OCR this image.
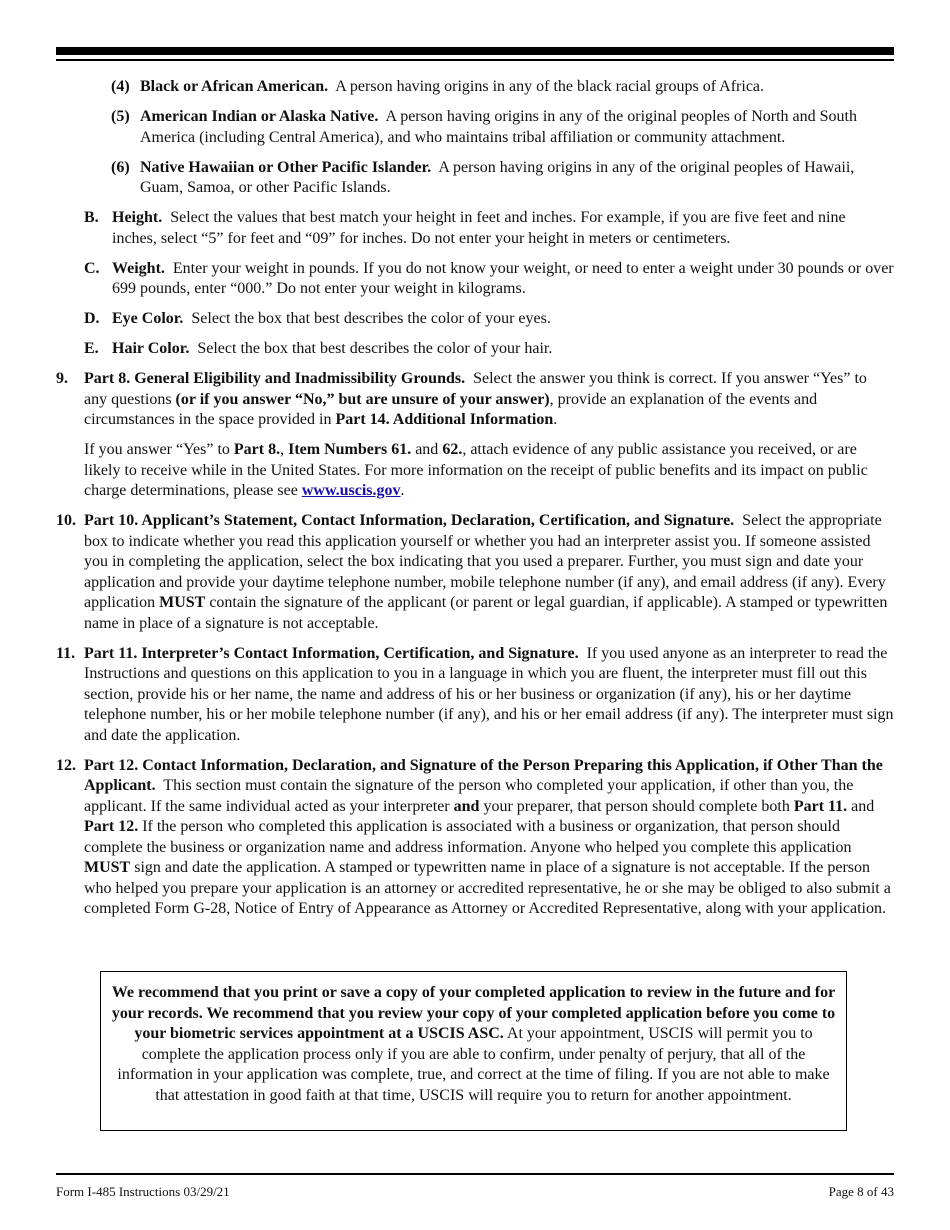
(4) Black or African American. A person having origins in any of the black racial groups of Africa.
(5) American Indian or Alaska Native. A person having origins in any of the original peoples of North and South America (including Central America), and who maintains tribal affiliation or community attachment.
(6) Native Hawaiian or Other Pacific Islander. A person having origins in any of the original peoples of Hawaii, Guam, Samoa, or other Pacific Islands.
B. Height. Select the values that best match your height in feet and inches. For example, if you are five feet and nine inches, select “5” for feet and “09” for inches. Do not enter your height in meters or centimeters.
C. Weight. Enter your weight in pounds. If you do not know your weight, or need to enter a weight under 30 pounds or over 699 pounds, enter “000.” Do not enter your weight in kilograms.
D. Eye Color. Select the box that best describes the color of your eyes.
E. Hair Color. Select the box that best describes the color of your hair.
9. Part 8. General Eligibility and Inadmissibility Grounds. Select the answer you think is correct. If you answer “Yes” to any questions (or if you answer “No,” but are unsure of your answer), provide an explanation of the events and circumstances in the space provided in Part 14. Additional Information.
If you answer “Yes” to Part 8., Item Numbers 61. and 62., attach evidence of any public assistance you received, or are likely to receive while in the United States. For more information on the receipt of public benefits and its impact on public charge determinations, please see www.uscis.gov.
10. Part 10. Applicant’s Statement, Contact Information, Declaration, Certification, and Signature. Select the appropriate box to indicate whether you read this application yourself or whether you had an interpreter assist you. If someone assisted you in completing the application, select the box indicating that you used a preparer. Further, you must sign and date your application and provide your daytime telephone number, mobile telephone number (if any), and email address (if any). Every application MUST contain the signature of the applicant (or parent or legal guardian, if applicable). A stamped or typewritten name in place of a signature is not acceptable.
11. Part 11. Interpreter’s Contact Information, Certification, and Signature. If you used anyone as an interpreter to read the Instructions and questions on this application to you in a language in which you are fluent, the interpreter must fill out this section, provide his or her name, the name and address of his or her business or organization (if any), his or her daytime telephone number, his or her mobile telephone number (if any), and his or her email address (if any). The interpreter must sign and date the application.
12. Part 12. Contact Information, Declaration, and Signature of the Person Preparing this Application, if Other Than the Applicant. This section must contain the signature of the person who completed your application, if other than you, the applicant. If the same individual acted as your interpreter and your preparer, that person should complete both Part 11. and Part 12. If the person who completed this application is associated with a business or organization, that person should complete the business or organization name and address information. Anyone who helped you complete this application MUST sign and date the application. A stamped or typewritten name in place of a signature is not acceptable. If the person who helped you prepare your application is an attorney or accredited representative, he or she may be obliged to also submit a completed Form G-28, Notice of Entry of Appearance as Attorney or Accredited Representative, along with your application.
We recommend that you print or save a copy of your completed application to review in the future and for your records. We recommend that you review your copy of your completed application before you come to your biometric services appointment at a USCIS ASC. At your appointment, USCIS will permit you to complete the application process only if you are able to confirm, under penalty of perjury, that all of the information in your application was complete, true, and correct at the time of filing. If you are not able to make that attestation in good faith at that time, USCIS will require you to return for another appointment.
Form I-485 Instructions 03/29/21	Page 8 of 43
